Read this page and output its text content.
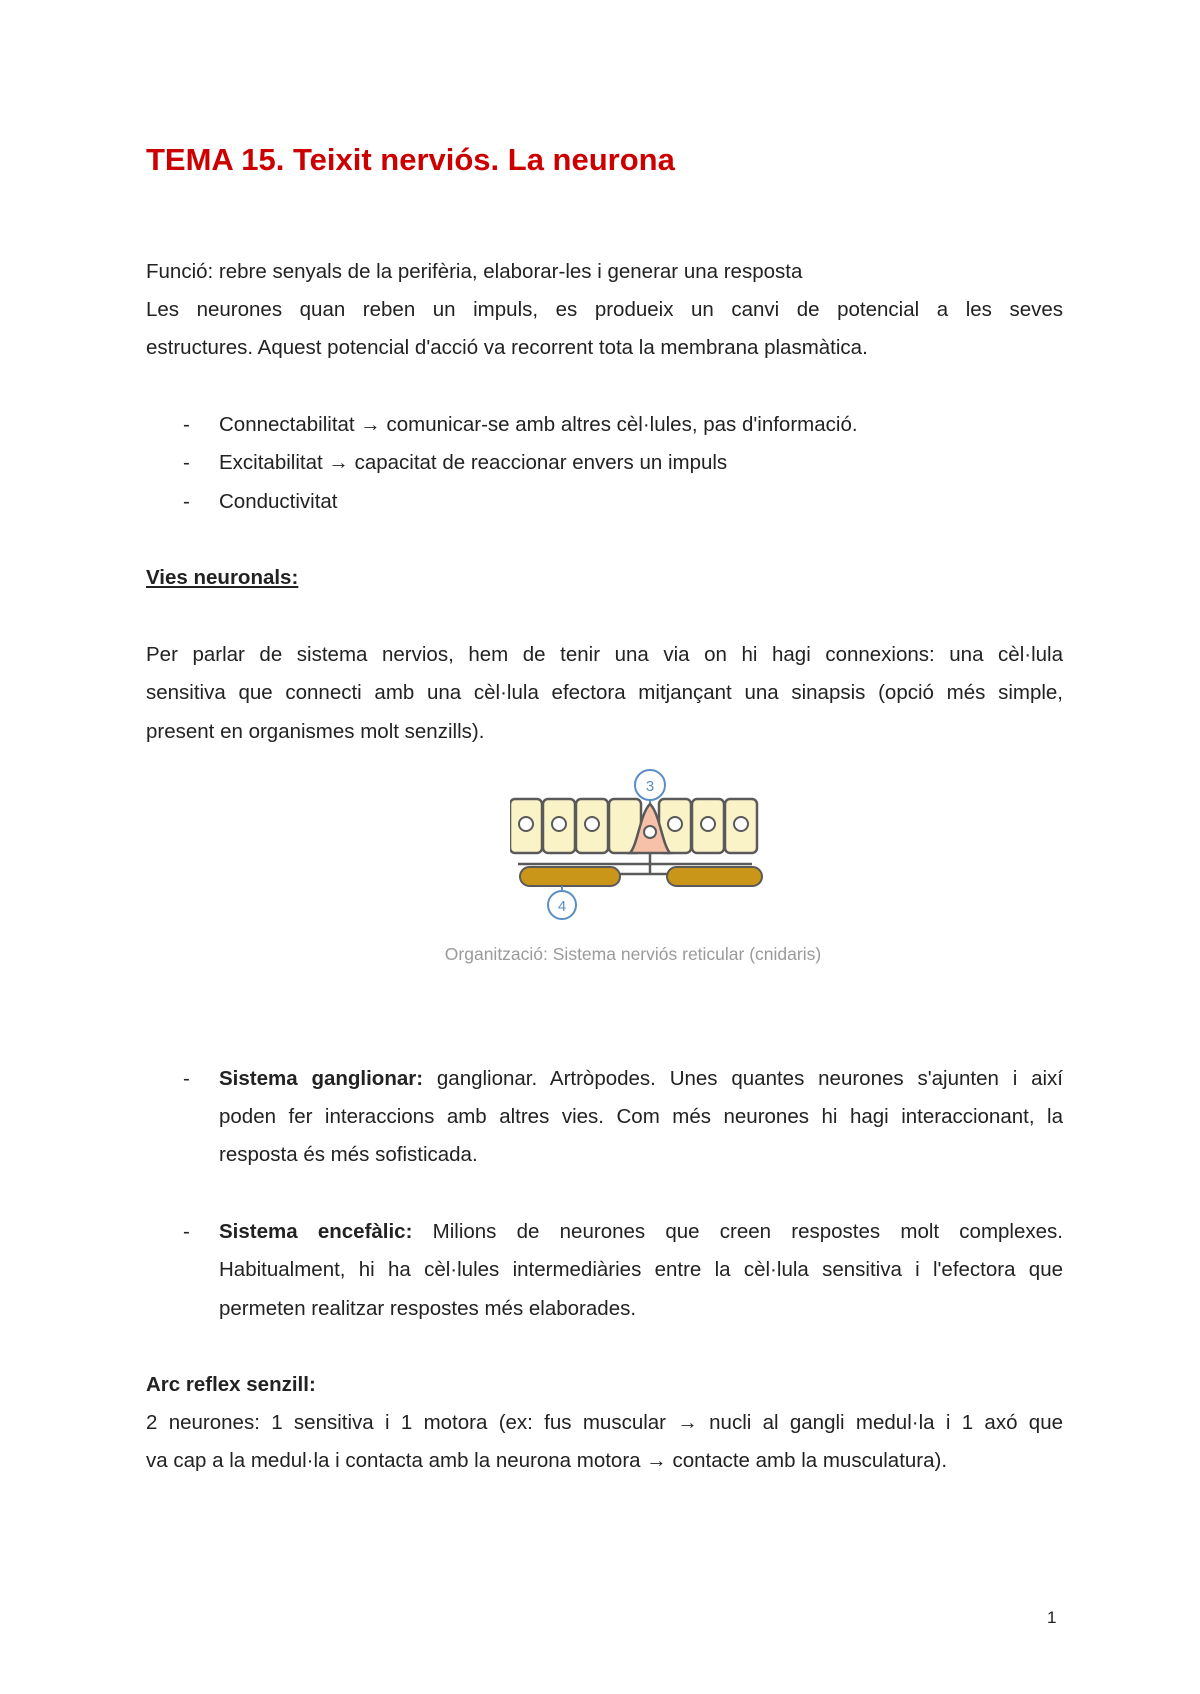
TEMA 15. Teixit nerviós. La neurona
Funció: rebre senyals de la perifèria, elaborar-les i generar una resposta
Les neurones quan reben un impuls, es produeix un canvi de potencial a les seves
estructures. Aquest potencial d'acció va recorrent tota la membrana plasmàtica.
- Connectabilitat → comunicar-se amb altres cèl·lules, pas d'informació.
- Excitabilitat → capacitat de reaccionar envers un impuls
- Conductivitat
Vies neuronals:
Per parlar de sistema nervios, hem de tenir una via on hi hagi connexions: una cèl·lula
sensitiva que connecti amb una cèl·lula efectora mitjançant una sinapsis (opció més simple,
present en organismes molt senzills).
3
4
Organització: Sistema nerviós reticular (cnidaris)
- Sistema ganglionar: ganglionar. Artròpodes. Unes quantes neurones s'ajunten i així
poden fer interaccions amb altres vies. Com més neurones hi hagi interaccionant, la
resposta és més sofisticada.
- Sistema encefàlic: Milions de neurones que creen respostes molt complexes.
Habitualment, hi ha cèl·lules intermediàries entre la cèl·lula sensitiva i l'efectora que
permeten realitzar respostes més elaborades.
Arc reflex senzill:
2 neurones: 1 sensitiva i 1 motora (ex: fus muscular → nucli al gangli medul·la i 1 axó que
va cap a la medul·la i contacta amb la neurona motora → contacte amb la musculatura).
1
